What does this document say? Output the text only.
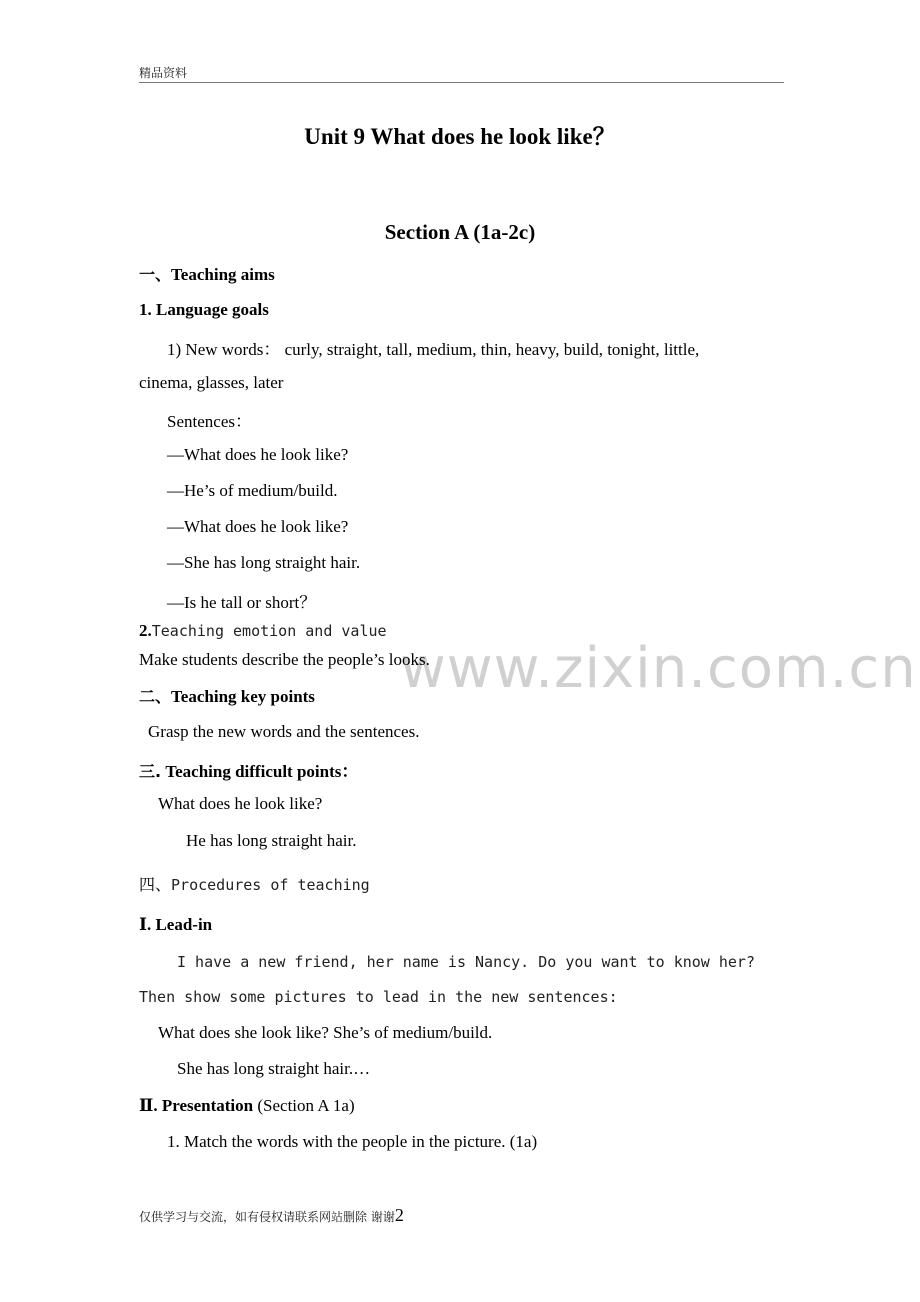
精品资料
www.zixin.com.cn
Unit 9 What does he look like？
Section A (1a-2c)
一、Teaching aims
1. Language goals
1) New words： curly, straight, tall, medium, thin, heavy, build, tonight, little,
cinema, glasses, later
Sentences：
—What does he look like?
—He’s of medium/build.
—What does he look like?
—She has long straight hair.
—Is he tall or short？
2.Teaching emotion and value
Make students describe the people’s looks.
二、Teaching key points
Grasp the new words and the sentences.
三. Teaching difficult points：
What does he look like?
He has long straight hair.
四、Procedures of teaching
Ⅰ. Lead-in
I have a new friend, her name is Nancy. Do you want to know her?
Then show some pictures to lead in the new sentences:
What does she look like? She’s of medium/build.
She has long straight hair.…
Ⅱ. Presentation (Section A 1a)
1. Match the words with the people in the picture. (1a)
仅供学习与交流，如有侵权请联系网站删除 谢谢2
